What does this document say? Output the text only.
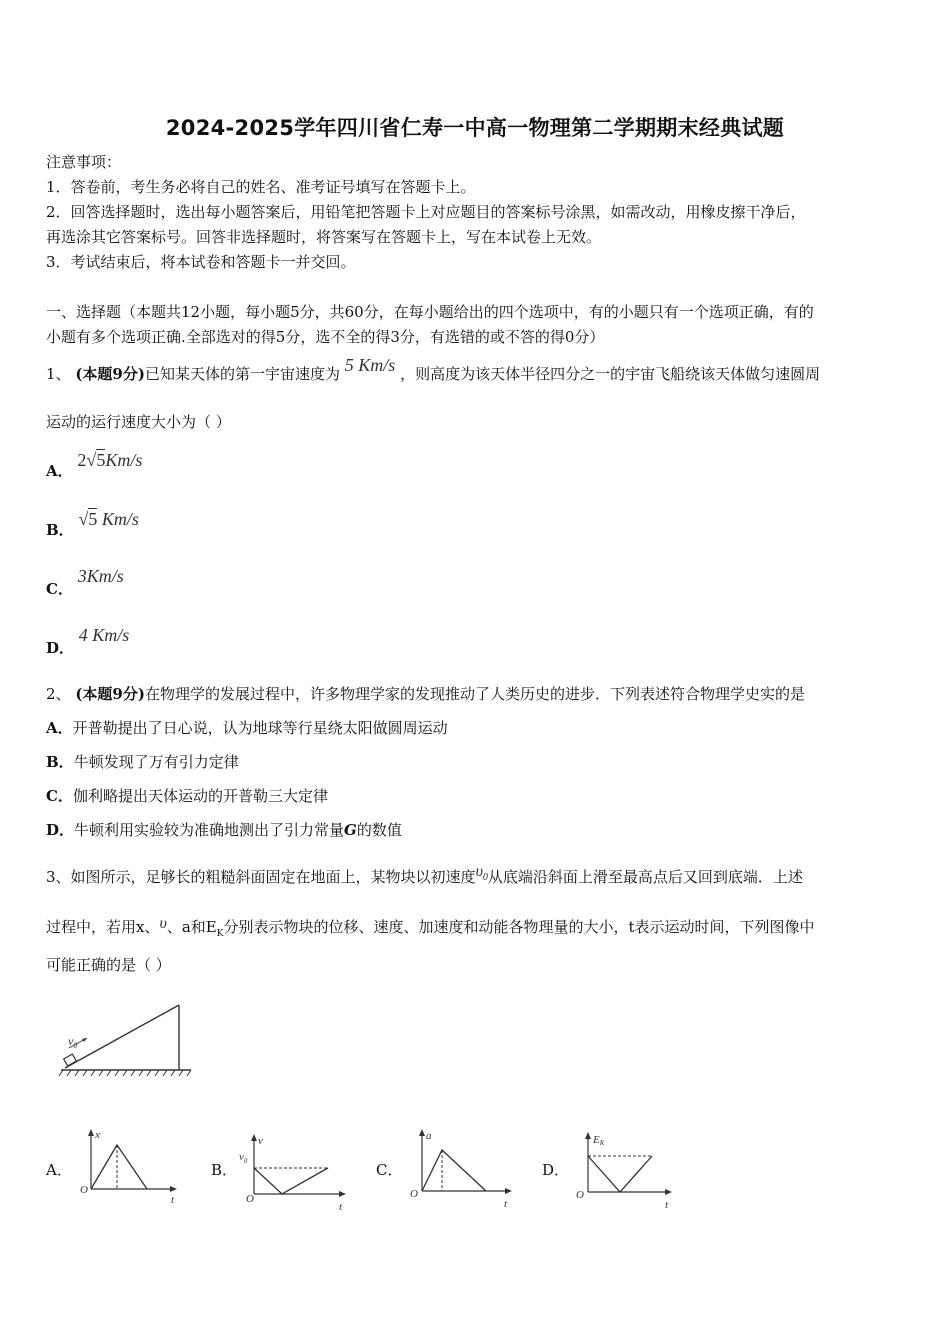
2024-2025学年四川省仁寿一中高一物理第二学期期末经典试题
注意事项：
1．答卷前，考生务必将自己的姓名、准考证号填写在答题卡上。
2．回答选择题时，选出每小题答案后，用铅笔把答题卡上对应题目的答案标号涂黑，如需改动，用橡皮擦干净后，
再选涂其它答案标号。回答非选择题时，将答案写在答题卡上，写在本试卷上无效。
3．考试结束后，将本试卷和答题卡一并交回。
一、选择题（本题共12小题，每小题5分，共60分，在每小题给出的四个选项中，有的小题只有一个选项正确，有的
小题有多个选项正确.全部选对的得5分，选不全的得3分，有选错的或不答的得0分）
1、 (本题9分)已知某天体的第一宇宙速度为 5 Km/s ，则高度为该天体半径四分之一的宇宙飞船绕该天体做匀速圆周
运动的运行速度大小为（ ）
A． 2√5Km/s
B． √5 Km/s
C． 3Km/s
D． 4 Km/s
2、 (本题9分)在物理学的发展过程中，许多物理学家的发现推动了人类历史的进步．下列表述符合物理学史实的是
A．开普勒提出了日心说，认为地球等行星绕太阳做圆周运动
B．牛顿发现了万有引力定律
C．伽利略提出天体运动的开普勒三大定律
D．牛顿利用实验较为准确地测出了引力常量G的数值
3、如图所示，足够长的粗糙斜面固定在地面上，某物块以初速度$\upsilon_0$从底端沿斜面上滑至最高点后又回到底端．上述
过程中，若用x、υ、a和$E_K$分别表示物块的位移、速度、加速度和动能各物理量的大小，t表示运动时间，下列图像中
可能正确的是（ ）
$v_0$
A．
x
O
t
B．
v
$v_0$
O
t
C．
a
O
t
D．
EK
O
t
